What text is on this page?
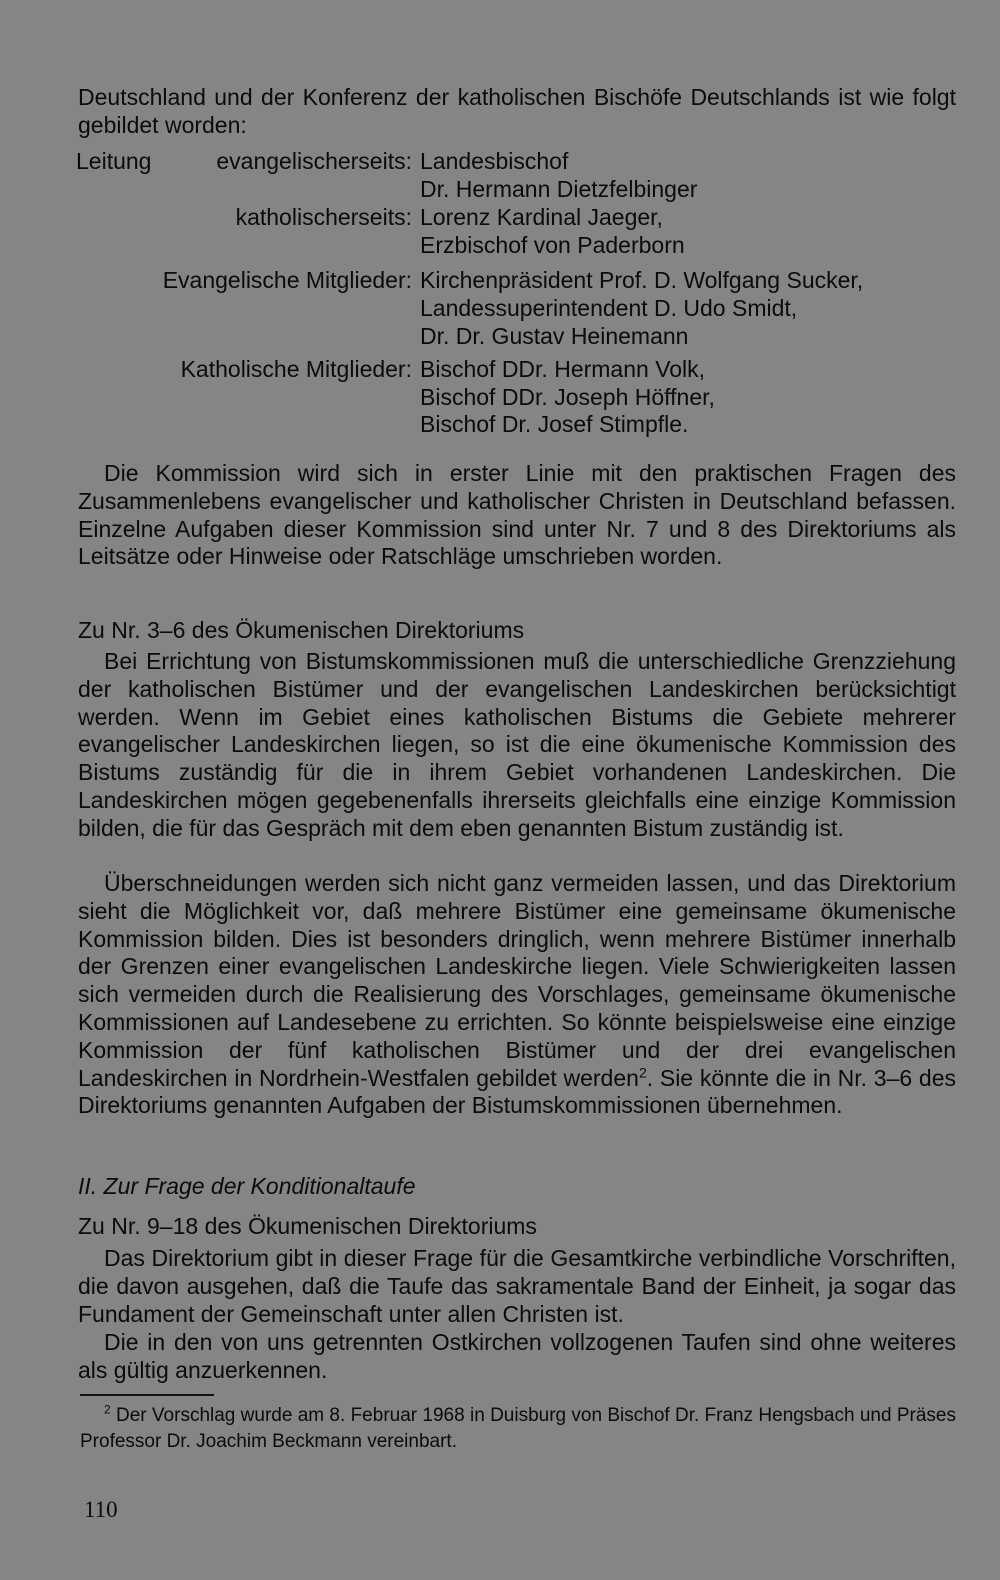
Deutschland und der Konferenz der katholischen Bischöfe Deutschlands ist wie folgt gebildet worden:

Leitung	evangelischerseits: Landesbischof
Dr. Hermann Dietzfelbinger
katholischerseits: Lorenz Kardinal Jaeger,
Erzbischof von Paderborn
Evangelische Mitglieder: Kirchenpräsident Prof. D. Wolfgang Sucker,
Landessuperintendent D. Udo Smidt,
Dr. Dr. Gustav Heinemann
Katholische Mitglieder: Bischof DDr. Hermann Volk,
Bischof DDr. Joseph Höffner,
Bischof Dr. Josef Stimpfle.

Die Kommission wird sich in erster Linie mit den praktischen Fragen des Zusammenlebens evangelischer und katholischer Christen in Deutschland befassen. Einzelne Aufgaben dieser Kommission sind unter Nr. 7 und 8 des Direktoriums als Leitsätze oder Hinweise oder Ratschläge umschrieben worden.

Zu Nr. 3–6 des Ökumenischen Direktoriums

Bei Errichtung von Bistumskommissionen muß die unterschiedliche Grenzziehung der katholischen Bistümer und der evangelischen Landeskirchen berücksichtigt werden. Wenn im Gebiet eines katholischen Bistums die Gebiete mehrerer evangelischer Landeskirchen liegen, so ist die eine ökumenische Kommission des Bistums zuständig für die in ihrem Gebiet vorhandenen Landeskirchen. Die Landeskirchen mögen gegebenenfalls ihrerseits gleichfalls eine einzige Kommission bilden, die für das Gespräch mit dem eben genannten Bistum zuständig ist.

Überschneidungen werden sich nicht ganz vermeiden lassen, und das Direktorium sieht die Möglichkeit vor, daß mehrere Bistümer eine gemeinsame ökumenische Kommission bilden. Dies ist besonders dringlich, wenn mehrere Bistümer innerhalb der Grenzen einer evangelischen Landeskirche liegen. Viele Schwierigkeiten lassen sich vermeiden durch die Realisierung des Vorschlages, gemeinsame ökumenische Kommissionen auf Landesebene zu errichten. So könnte beispielsweise eine einzige Kommission der fünf katholischen Bistümer und der drei evangelischen Landeskirchen in Nordrhein-Westfalen gebildet werden$^2$. Sie könnte die in Nr. 3–6 des Direktoriums genannten Aufgaben der Bistumskommissionen übernehmen.

II. Zur Frage der Konditionaltaufe

Zu Nr. 9–18 des Ökumenischen Direktoriums

Das Direktorium gibt in dieser Frage für die Gesamtkirche verbindliche Vorschriften, die davon ausgehen, daß die Taufe das sakramentale Band der Einheit, ja sogar das Fundament der Gemeinschaft unter allen Christen ist.

Die in den von uns getrennten Ostkirchen vollzogenen Taufen sind ohne weiteres als gültig anzuerkennen.

$^2$ Der Vorschlag wurde am 8. Februar 1968 in Duisburg von Bischof Dr. Franz Hengsbach und Präses Professor Dr. Joachim Beckmann vereinbart.

110
